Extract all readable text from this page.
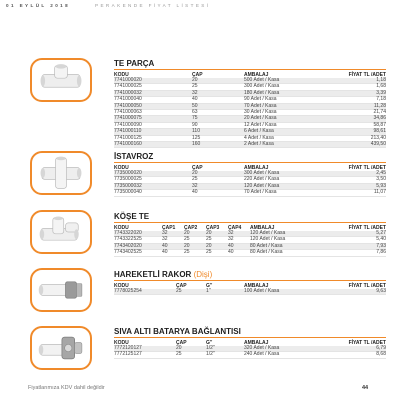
01 EYLÜL 2018	PERAKENDE FİYAT LİSTESİ
TE PARÇA
KODU	ÇAP	AMBALAJ	FİYAT TL /ADET
7741000020	20	500 Adet / Kasa	1,18
7741000025	25	300 Adet / Kasa	1,68
7741000032	32	180 Adet / Kasa	3,39
7741000040	40	90 Adet / Kasa	7,18
7741000050	50	70 Adet / Kasa	11,28
7741000063	63	30 Adet / Kasa	21,74
7741000075	75	20 Adet / Kasa	34,86
7741000090	90	12 Adet / Kasa	58,87
7741000110	110	6 Adet / Kasa	98,61
7741000125	125	4 Adet / Kasa	213,40
7741000160	160	2 Adet / Kasa	439,50
İSTAVROZ
KODU	ÇAP	AMBALAJ	FİYAT TL /ADET
7735000020	20	300 Adet / Kasa	2,45
7735000025	25	220 Adet / Kasa	3,50
7735000032	32	120 Adet / Kasa	5,93
7735000040	40	70 Adet / Kasa	11,07
KÖŞE TE
KODU	ÇAP1	ÇAP2	ÇAP3	ÇAP4	AMBALAJ	FİYAT TL /ADET
7743322020	32	20	20	32	120 Adet / Kasa	5,27
7743322525	32	25	25	32	120 Adet / Kasa	5,40
7743402020	40	20	20	40	80 Adet / Kasa	7,93
7743402525	40	25	25	40	80 Adet / Kasa	7,86
HAREKETLİ RAKOR (Dişi)
KODU	ÇAP	G''	AMBALAJ	FİYAT TL /ADET
7778025254	25	1''	100 Adet / Kasa	9,63
SIVA ALTI BATARYA BAĞLANTISI
KODU	ÇAP	G''	AMBALAJ	FİYAT TL /ADET
7772120127	20	1/2''	320 Adet / Kasa	6,79
7772125127	25	1/2''	240 Adet / Kasa	8,68
Fiyatlarımıza KDV dahil değildir	44
